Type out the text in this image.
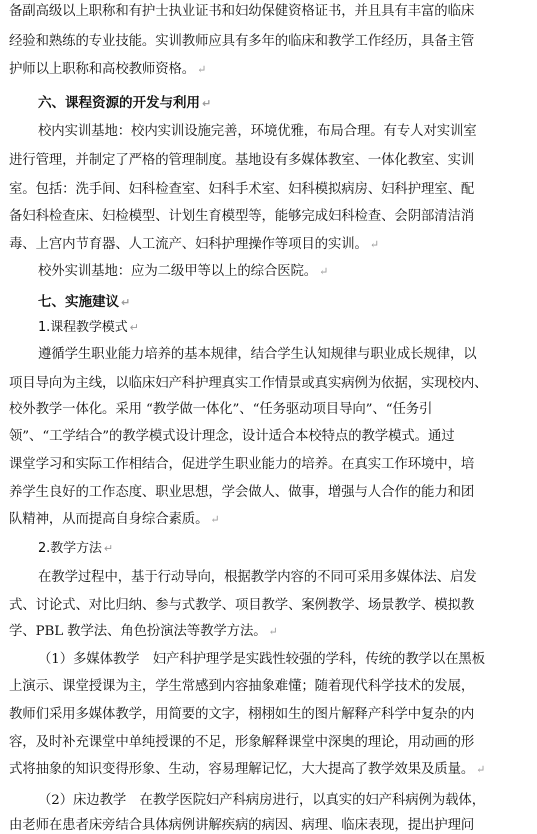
备副高级以上职称和有护士执业证书和妇幼保健资格证书，并且具有丰富的临床
经验和熟练的专业技能。实训教师应具有多年的临床和教学工作经历，具备主管
护师以上职称和高校教师资格。 ↵
六、课程资源的开发与利用 ↵
校内实训基地：校内实训设施完善，环境优雅，布局合理。有专人对实训室
进行管理，并制定了严格的管理制度。基地设有多媒体教室、一体化教室、实训
室。包括：洗手间、妇科检查室、妇科手术室、妇科模拟病房、妇科护理室、配
备妇科检查床、妇检模型、计划生育模型等，能够完成妇科检查、会阴部清洁消
毒、上宫内节育器、人工流产、妇科护理操作等项目的实训。 ↵
校外实训基地：应为二级甲等以上的综合医院。 ↵
七、实施建议 ↵
1.课程教学模式 ↵
遵循学生职业能力培养的基本规律，结合学生认知规律与职业成长规律，以
项目导向为主线，以临床妇产科护理真实工作情景或真实病例为依据，实现校内、
校外教学一体化。采用 “教学做一体化”、“任务驱动项目导向”、“任务引
领”、“工学结合”的教学模式设计理念，设计适合本校特点的教学模式。通过
课堂学习和实际工作相结合，促进学生职业能力的培养。在真实工作环境中，培
养学生良好的工作态度、职业思想，学会做人、做事，增强与人合作的能力和团
队精神，从而提高自身综合素质。 ↵
2.教学方法 ↵
在教学过程中，基于行动导向，根据教学内容的不同可采用多媒体法、启发
式、讨论式、对比归纳、参与式教学、项目教学、案例教学、场景教学、模拟教
学、PBL 教学法、角色扮演法等教学方法。 ↵
（1）多媒体教学　妇产科护理学是实践性较强的学科，传统的教学以在黑板
上演示、课堂授课为主，学生常感到内容抽象难懂；随着现代科学技术的发展，
教师们采用多媒体教学，用简要的文字，栩栩如生的图片解释产科学中复杂的内
容，及时补充课堂中单纯授课的不足，形象解释课堂中深奥的理论，用动画的形
式将抽象的知识变得形象、生动，容易理解记忆，大大提高了教学效果及质量。 ↵
（2）床边教学　在教学医院妇产科病房进行，以真实的妇产科病例为载体，
由老师在患者床旁结合具体病例讲解疾病的病因、病理、临床表现，提出护理问
